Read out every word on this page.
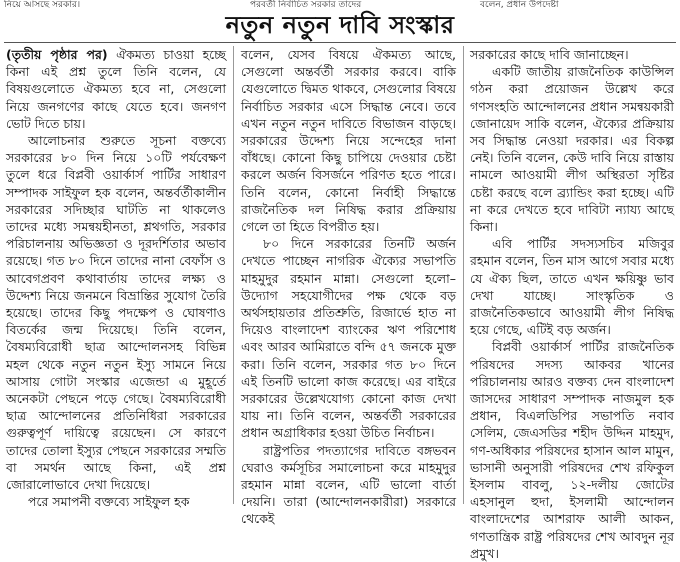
নিয়ে আসছে সরকার।	পরবর্তী নির্বাচিত সরকার তাদের	বলেন, প্রধান উপদেষ্টা
নতুন নতুন দাবি সংস্কার

(তৃতীয় পৃষ্ঠার পর) ঐকমত্য চাওয়া হচ্ছে কিনা এই প্রশ্ন তুলে তিনি বলেন, যে বিষয়গুলোতে ঐকমত্য হবে না, সেগুলো নিয়ে জনগণের কাছে যেতে হবে। জনগণ ভোট দিতে চায়।

আলোচনার শুরুতে সূচনা বক্তব্যে সরকারের ৮০ দিন নিয়ে ১০টি পর্যবেক্ষণ তুলে ধরে বিপ্লবী ওয়ার্কার্স পার্টির সাধারণ সম্পাদক সাইফুল হক বলেন, অন্তর্বর্তীকালীন সরকারের সদিচ্ছার ঘাটতি না থাকলেও তাদের মধ্যে সমন্বয়হীনতা, শ্লথগতি, সরকার পরিচালনায় অভিজ্ঞতা ও দূরদর্শিতার অভাব রয়েছে। গত ৮০ দিনে তাদের নানা বেফাঁস ও আবেগপ্রবণ কথাবার্তায় তাদের লক্ষ্য ও উদ্দেশ্য নিয়ে জনমনে বিভ্রান্তির সুযোগ তৈরি হয়েছে। তাদের কিছু পদক্ষেপ ও ঘোষণাও বিতর্কের জন্ম দিয়েছে। তিনি বলেন, বৈষম্যবিরোধী ছাত্র আন্দোলনসহ বিভিন্ন মহল থেকে নতুন নতুন ইস্যু সামনে নিয়ে আসায় গোটা সংস্কার এজেন্ডা এ মুহূর্তে অনেকটা পেছনে পড়ে গেছে। বৈষম্যবিরোধী ছাত্র আন্দোলনের প্রতিনিধিরা সরকারের গুরুত্বপূর্ণ দায়িত্বে রয়েছেন। সে কারণে তাদের তোলা ইস্যুর পেছনে সরকারের সম্মতি বা সমর্থন আছে কিনা, এই প্রশ্ন জোরালোভাবে দেখা দিয়েছে।

পরে সমাপনী বক্তব্যে সাইফুল হক

বলেন, যেসব বিষয়ে ঐকমত্য আছে, সেগুলো অন্তর্বর্তী সরকার করবে। বাকি যেগুলোতে দ্বিমত থাকবে, সেগুলোর বিষয়ে নির্বাচিত সরকার এসে সিদ্ধান্ত নেবে। তবে এখন নতুন নতুন দাবিতে বিভাজন বাড়ছে। সরকারের উদ্দেশ্য নিয়ে সন্দেহের দানা বাঁধছে। কোনো কিছু চাপিয়ে দেওয়ার চেষ্টা করলে অর্জন বিসর্জনে পরিণত হতে পারে। তিনি বলেন, কোনো নির্বাহী সিদ্ধান্তে রাজনৈতিক দল নিষিদ্ধ করার প্রক্রিয়ায় গেলে তা হিতে বিপরীত হয়।

৮০ দিনে সরকারের তিনটি অর্জন দেখতে পাচ্ছেন নাগরিক ঐক্যের সভাপতি মাহমুদুর রহমান মান্না। সেগুলো হলো– উদ্যোগ সহযোগীদের পক্ষ থেকে বড় অর্থসহায়তার প্রতিশ্রুতি, রিজার্ভে হাত না দিয়েও বাংলাদেশ ব্যাংকের ঋণ পরিশোধ এবং আরব আমিরাতে বন্দি ৫৭ জনকে মুক্ত করা। তিনি বলেন, সরকার গত ৮০ দিনে এই তিনটি ভালো কাজ করেছে। এর বাইরে সরকারের উল্লেখযোগ্য কোনো কাজ দেখা যায় না। তিনি বলেন, অন্তর্বর্তী সরকারের প্রধান অগ্রাধিকার হওয়া উচিত নির্বাচন।

রাষ্ট্রপতির পদত্যাগের দাবিতে বঙ্গভবন ঘেরাও কর্মসূচির সমালোচনা করে মাহমুদুর রহমান মান্না বলেন, এটি ভালো বার্তা দেয়নি। তারা (আন্দোলনকারীরা) সরকারে থেকেই

সরকারের কাছে দাবি জানাচ্ছেন।

একটি জাতীয় রাজনৈতিক কাউন্সিল গঠন করা প্রয়োজন উল্লেখ করে গণসংহতি আন্দোলনের প্রধান সমন্বয়কারী জোনায়েদ সাকি বলেন, ঐক্যের প্রক্রিয়ায় সব সিদ্ধান্ত নেওয়া দরকার। এর বিকল্প নেই। তিনি বলেন, কেউ দাবি নিয়ে রাস্তায় নামলে আওয়ামী লীগ অস্থিরতা সৃষ্টির চেষ্টা করছে বলে ব্র্যান্ডিং করা হচ্ছে। এটি না করে দেখতে হবে দাবিটা ন্যায্য আছে কিনা।

এবি পার্টির সদস্যসচিব মজিবুর রহমান বলেন, তিন মাস আগে সবার মধ্যে যে ঐক্য ছিল, তাতে এখন ক্ষয়িষ্ণু ভাব দেখা যাচ্ছে। সাংস্কৃতিক ও রাজনৈতিকভাবে আওয়ামী লীগ নিষিদ্ধ হয়ে গেছে, এটিই বড় অর্জন।

বিপ্লবী ওয়ার্কার্স পার্টির রাজনৈতিক পরিষদের সদস্য আকবর খানের পরিচালনায় আরও বক্তব্য দেন বাংলাদেশ জাসদের সাধারণ সম্পাদক নাজমুল হক প্রধান, বিএলডিপির সভাপতি নবাব সেলিম, জেএসডির শহীদ উদ্দিন মাহমুদ, গণ-অধিকার পরিষদের হাসান আল মামুন, ভাসানী অনুসারী পরিষদের শেখ রফিকুল ইসলাম বাবলু, ১২-দলীয় জোটের এহসানুল হুদা, ইসলামী আন্দোলন বাংলাদেশের আশরাফ আলী আকন, গণতান্ত্রিক রাষ্ট্র পরিষদের শেখ আবদুন নূর প্রমুখ।
